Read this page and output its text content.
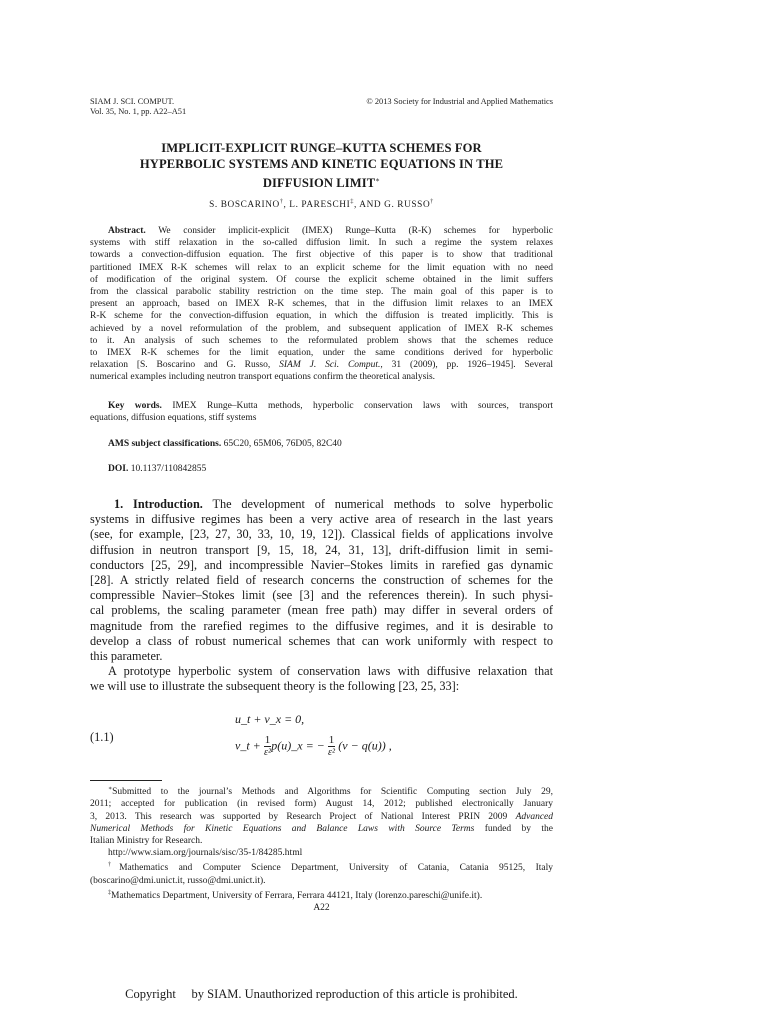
SIAM J. SCI. COMPUT.
Vol. 35, No. 1, pp. A22–A51
© 2013 Society for Industrial and Applied Mathematics
IMPLICIT-EXPLICIT RUNGE–KUTTA SCHEMES FOR
HYPERBOLIC SYSTEMS AND KINETIC EQUATIONS IN THE
DIFFUSION LIMIT∗
S. BOSCARINO†, L. PARESCHI‡, AND G. RUSSO†
Abstract. We consider implicit-explicit (IMEX) Runge–Kutta (R-K) schemes for hyperbolic
systems with stiff relaxation in the so-called diffusion limit. In such a regime the system relaxes
towards a convection-diffusion equation. The first objective of this paper is to show that traditional
partitioned IMEX R-K schemes will relax to an explicit scheme for the limit equation with no need
of modification of the original system. Of course the explicit scheme obtained in the limit suffers
from the classical parabolic stability restriction on the time step. The main goal of this paper is to
present an approach, based on IMEX R-K schemes, that in the diffusion limit relaxes to an IMEX
R-K scheme for the convection-diffusion equation, in which the diffusion is treated implicitly. This is
achieved by a novel reformulation of the problem, and subsequent application of IMEX R-K schemes
to it. An analysis of such schemes to the reformulated problem shows that the schemes reduce
to IMEX R-K schemes for the limit equation, under the same conditions derived for hyperbolic
relaxation [S. Boscarino and G. Russo, SIAM J. Sci. Comput., 31 (2009), pp. 1926–1945]. Several
numerical examples including neutron transport equations confirm the theoretical analysis.
Key words. IMEX Runge–Kutta methods, hyperbolic conservation laws with sources, transport
equations, diffusion equations, stiff systems
AMS subject classifications. 65C20, 65M06, 76D05, 82C40
DOI. 10.1137/110842855
1. Introduction. The development of numerical methods to solve hyperbolic
systems in diffusive regimes has been a very active area of research in the last years
(see, for example, [23, 27, 30, 33, 10, 19, 12]). Classical fields of applications involve
diffusion in neutron transport [9, 15, 18, 24, 31, 13], drift-diffusion limit in semi-
conductors [25, 29], and incompressible Navier–Stokes limits in rarefied gas dynamic
[28]. A strictly related field of research concerns the construction of schemes for the
compressible Navier–Stokes limit (see [3] and the references therein). In such physi-
cal problems, the scaling parameter (mean free path) may differ in several orders of
magnitude from the rarefied regimes to the diffusive regimes, and it is desirable to
develop a class of robust numerical schemes that can work uniformly with respect to
this parameter.
A prototype hyperbolic system of conservation laws with diffusive relaxation that
we will use to illustrate the subsequent theory is the following [23, 25, 33]:
(1.1)
u_t + v_x = 0,
v_t + $\frac{1}{\text{ε²}}$ p(u)_x = − $\frac{1}{\text{ε²}} (v - q(u))$ ,
∗Submitted to the journal’s Methods and Algorithms for Scientific Computing section July 29,
2011; accepted for publication (in revised form) August 14, 2012; published electronically January
3, 2013. This research was supported by Research Project of National Interest PRIN 2009 Advanced
Numerical Methods for Kinetic Equations and Balance Laws with Source Terms funded by the
Italian Ministry for Research.
http://www.siam.org/journals/sisc/35-1/84285.html
†Mathematics and Computer Science Department, University of Catania, Catania 95125, Italy
(boscarino@dmi.unict.it, russo@dmi.unict.it).
‡Mathematics Department, University of Ferrara, Ferrara 44121, Italy (lorenzo.pareschi@unife.it).
A22
Copyright     by SIAM. Unauthorized reproduction of this article is prohibited.
